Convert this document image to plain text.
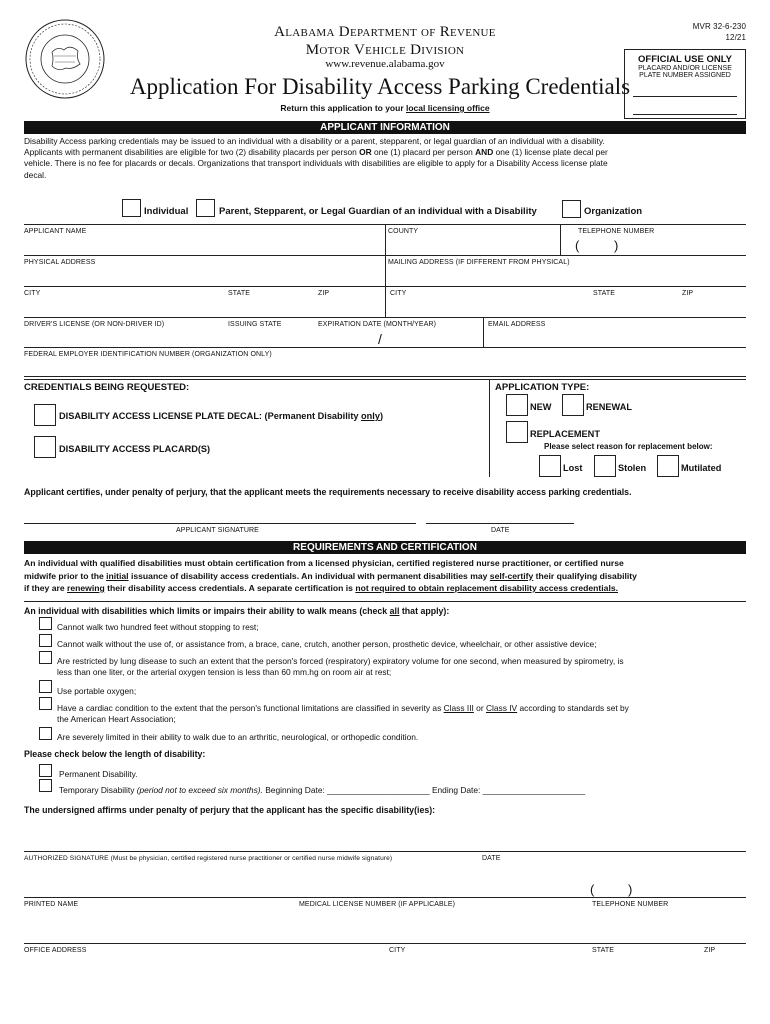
Alabama Department of Revenue
Motor Vehicle Division
www.revenue.alabama.gov
MVR 32-6-230
12/21
OFFICIAL USE ONLY
PLACARD AND/OR LICENSE
PLATE NUMBER ASSIGNED
Application For Disability Access Parking Credentials
Return this application to your local licensing office
APPLICANT INFORMATION
Disability Access parking credentials may be issued to an individual with a disability or a parent, stepparent, or legal guardian of an individual with a disability.
Applicants with permanent disabilities are eligible for two (2) disability placards per person OR one (1) placard per person AND one (1) license plate decal per
vehicle. There is no fee for placards or decals. Organizations that transport individuals with disabilities are eligible to apply for a Disability Access license plate
decal.
Individual	Parent, Stepparent, or Legal Guardian of an individual with a Disability	Organization
APPLICANT NAME	COUNTY	TELEPHONE NUMBER
(	)
PHYSICAL ADDRESS	MAILING ADDRESS (IF DIFFERENT FROM PHYSICAL)
CITY	STATE	ZIP	CITY	STATE	ZIP
DRIVER'S LICENSE (OR NON-DRIVER ID)	ISSUING STATE	EXPIRATION DATE (MONTH/YEAR)
/
EMAIL ADDRESS
FEDERAL EMPLOYER IDENTIFICATION NUMBER (ORGANIZATION ONLY)
CREDENTIALS BEING REQUESTED:
DISABILITY ACCESS LICENSE PLATE DECAL: (Permanent Disability only)
DISABILITY ACCESS PLACARD(S)
APPLICATION TYPE:
NEW	RENEWAL
REPLACEMENT
Please select reason for replacement below:
Lost	Stolen	Mutilated
Applicant certifies, under penalty of perjury, that the applicant meets the requirements necessary to receive disability access parking credentials.
APPLICANT SIGNATURE	DATE
REQUIREMENTS AND CERTIFICATION
An individual with qualified disabilities must obtain certification from a licensed physician, certified registered nurse practitioner, or certified nurse
midwife prior to the initial issuance of disability access credentials. An individual with permanent disabilities may self-certify their qualifying disability
if they are renewing their disability access credentials. A separate certification is not required to obtain replacement disability access credentials.
An individual with disabilities which limits or impairs their ability to walk means (check all that apply):
Cannot walk two hundred feet without stopping to rest;
Cannot walk without the use of, or assistance from, a brace, cane, crutch, another person, prosthetic device, wheelchair, or other assistive device;
Are restricted by lung disease to such an extent that the person's forced (respiratory) expiratory volume for one second, when measured by spirometry, is
less than one liter, or the arterial oxygen tension is less than 60 mm.hg on room air at rest;
Use portable oxygen;
Have a cardiac condition to the extent that the person's functional limitations are classified in severity as Class III or Class IV according to standards set by
the American Heart Association;
Are severely limited in their ability to walk due to an arthritic, neurological, or orthopedic condition.
Please check below the length of disability:
Permanent Disability.
Temporary Disability (period not to exceed six months). Beginning Date: ______________________ Ending Date: ______________________
The undersigned affirms under penalty of perjury that the applicant has the specific disability(ies):
AUTHORIZED SIGNATURE (Must be physician, certified registered nurse practitioner or certified nurse midwife signature)	DATE
(	)
PRINTED NAME	MEDICAL LICENSE NUMBER (IF APPLICABLE)	TELEPHONE NUMBER
OFFICE ADDRESS	CITY	STATE	ZIP
